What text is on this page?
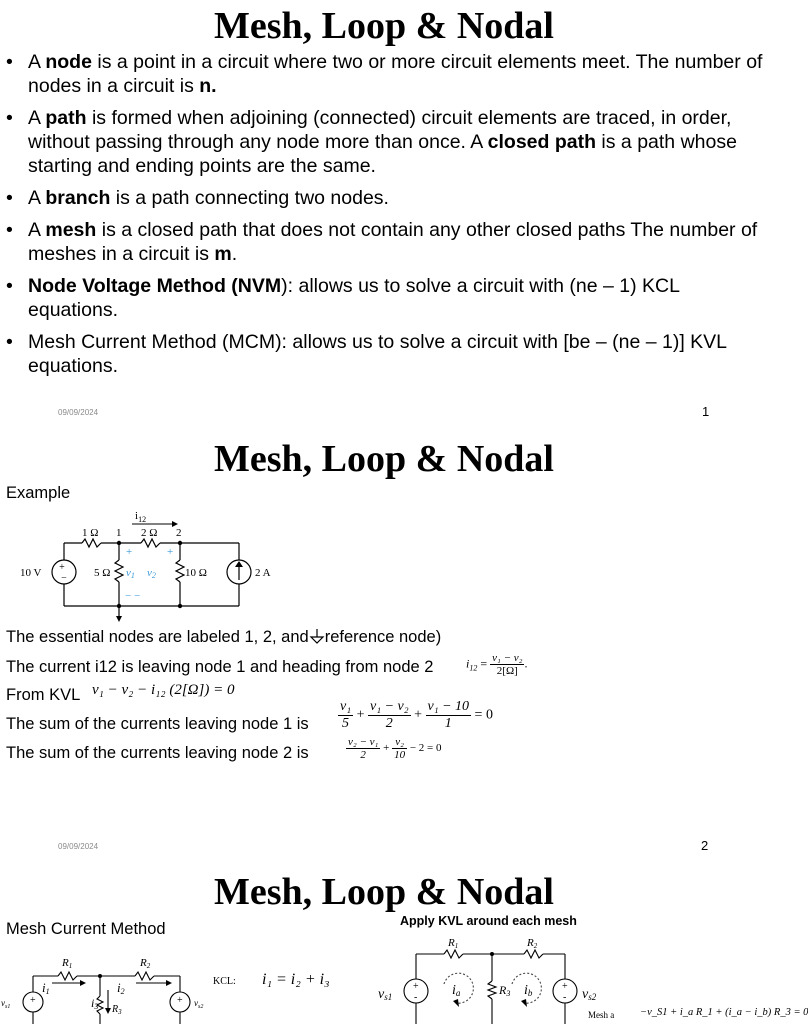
Mesh, Loop & Nodal
• A node is a point in a circuit where two or more circuit elements meet. The number of nodes in a circuit is n.
• A path is formed when adjoining (connected) circuit elements are traced, in order, without passing through any node more than once. A closed path is a path whose starting and ending points are the same.
• A branch is a path connecting two nodes.
• A mesh is a closed path that does not contain any other closed paths The number of meshes in a circuit is m.
• Node Voltage Method (NVM): allows us to solve a circuit with (ne – 1) KCL equations.
• Mesh Current Method (MCM): allows us to solve a circuit with [be – (ne – 1)] KVL equations.
09/09/2024	1
Mesh, Loop & Nodal
Example
+
−
$i_{12}$
1 Ω 1 2 Ω 2
10 V	5 Ω v1 v2	10 Ω	2 A
+	+
− −
The essential nodes are labeled 1, 2, and reference node)
The current i12 is leaving node 1 and heading from node 2	$i_{12} = \frac{\text{v₁ − v₂}}{2[\Omega]}$ .
From KVL v₁ − v₂ − i₁₂ (2[Ω]) = 0
The sum of the currents leaving node 1 is $\frac{\text{v₁}}{5} + \frac{\text{v₁ − v₂}}{2} + \frac{\text{v₁ − 10}}{1} = 0$
The sum of the currents leaving node 2 is	$\frac{\text{v₂ − v₁}}{2} + \frac{\text{v₂}}{10} - 2 = 0$
09/09/2024	2
Mesh, Loop & Nodal
Mesh Current Method	Apply KVL around each mesh
+	+
R1	R2
i1	i2
i3 $R_3$
$v_{s1}$	$v_{s2}$
KCL: i₁ = i₂ + i₃	+
-
+
-
R1	R2
R3
ia	ib
vs1	vs2
Mesh a −v_S1 + i_a R_1 + (i_a − i_b) R_3 = 0
